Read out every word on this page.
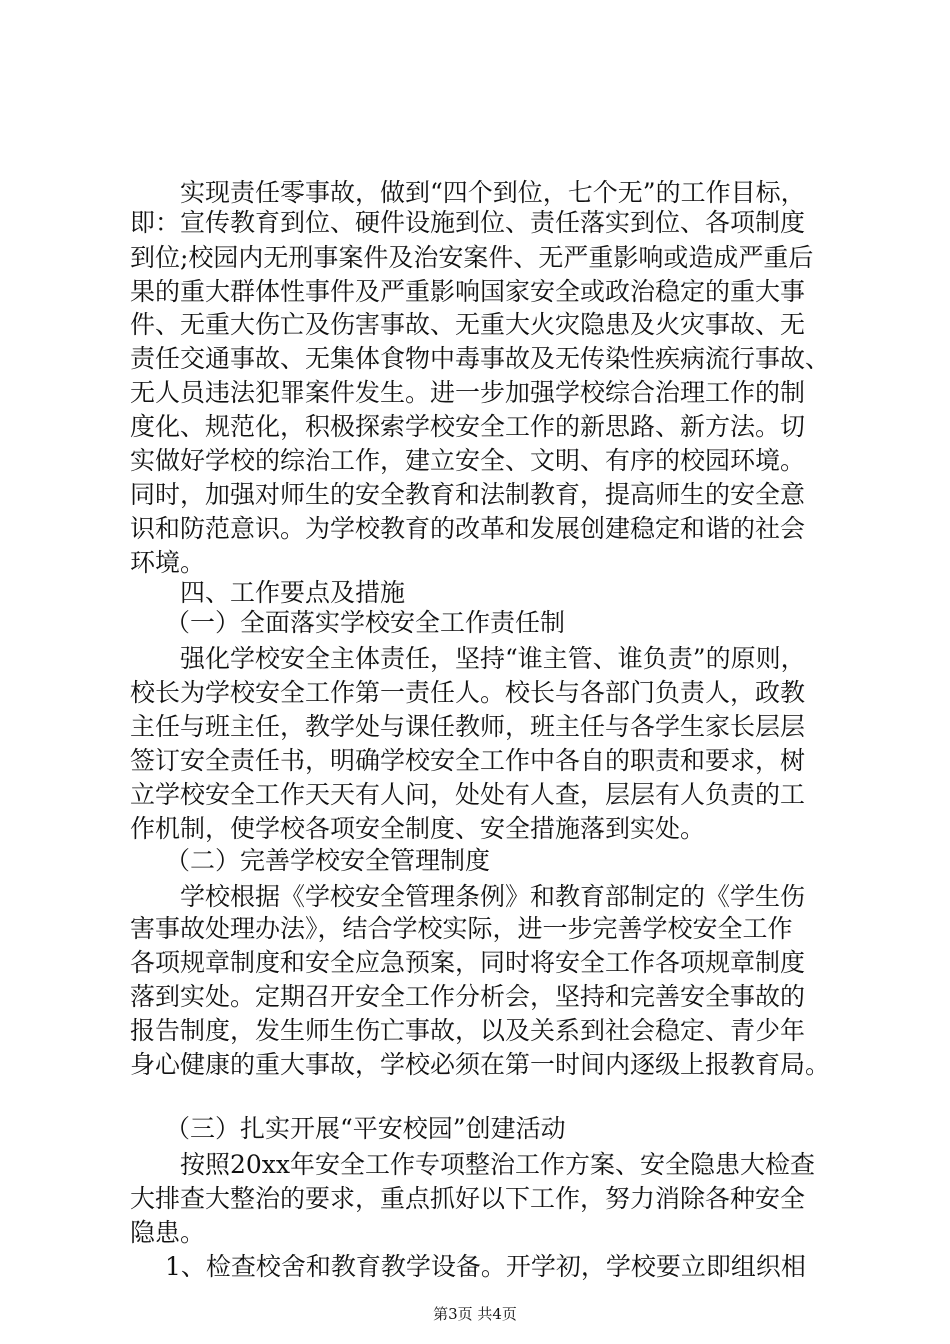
实现责任零事故，做到“四个到位，七个无”的工作目标，
即：宣传教育到位、硬件设施到位、责任落实到位、各项制度
到位;校园内无刑事案件及治安案件、无严重影响或造成严重后
果的重大群体性事件及严重影响国家安全或政治稳定的重大事
件、无重大伤亡及伤害事故、无重大火灾隐患及火灾事故、无
责任交通事故、无集体食物中毒事故及无传染性疾病流行事故、
无人员违法犯罪案件发生。进一步加强学校综合治理工作的制
度化、规范化，积极探索学校安全工作的新思路、新方法。切
实做好学校的综治工作，建立安全、文明、有序的校园环境。
同时，加强对师生的安全教育和法制教育，提高师生的安全意
识和防范意识。为学校教育的改革和发展创建稳定和谐的社会
环境。
四、工作要点及措施
（一）全面落实学校安全工作责任制
强化学校安全主体责任，坚持“谁主管、谁负责”的原则，
校长为学校安全工作第一责任人。校长与各部门负责人，政教
主任与班主任，教学处与课任教师，班主任与各学生家长层层
签订安全责任书，明确学校安全工作中各自的职责和要求，树
立学校安全工作天天有人问，处处有人查，层层有人负责的工
作机制，使学校各项安全制度、安全措施落到实处。
（二）完善学校安全管理制度
学校根据《学校安全管理条例》和教育部制定的《学生伤
害事故处理办法》，结合学校实际，进一步完善学校安全工作
各项规章制度和安全应急预案，同时将安全工作各项规章制度
落到实处。定期召开安全工作分析会，坚持和完善安全事故的
报告制度，发生师生伤亡事故，以及关系到社会稳定、青少年
身心健康的重大事故，学校必须在第一时间内逐级上报教育局。
（三）扎实开展“平安校园”创建活动
按照20xx年安全工作专项整治工作方案、安全隐患大检查
大排查大整治的要求，重点抓好以下工作，努力消除各种安全
隐患。
1、检查校舍和教育教学设备。开学初，学校要立即组织相
第3页 共4页
